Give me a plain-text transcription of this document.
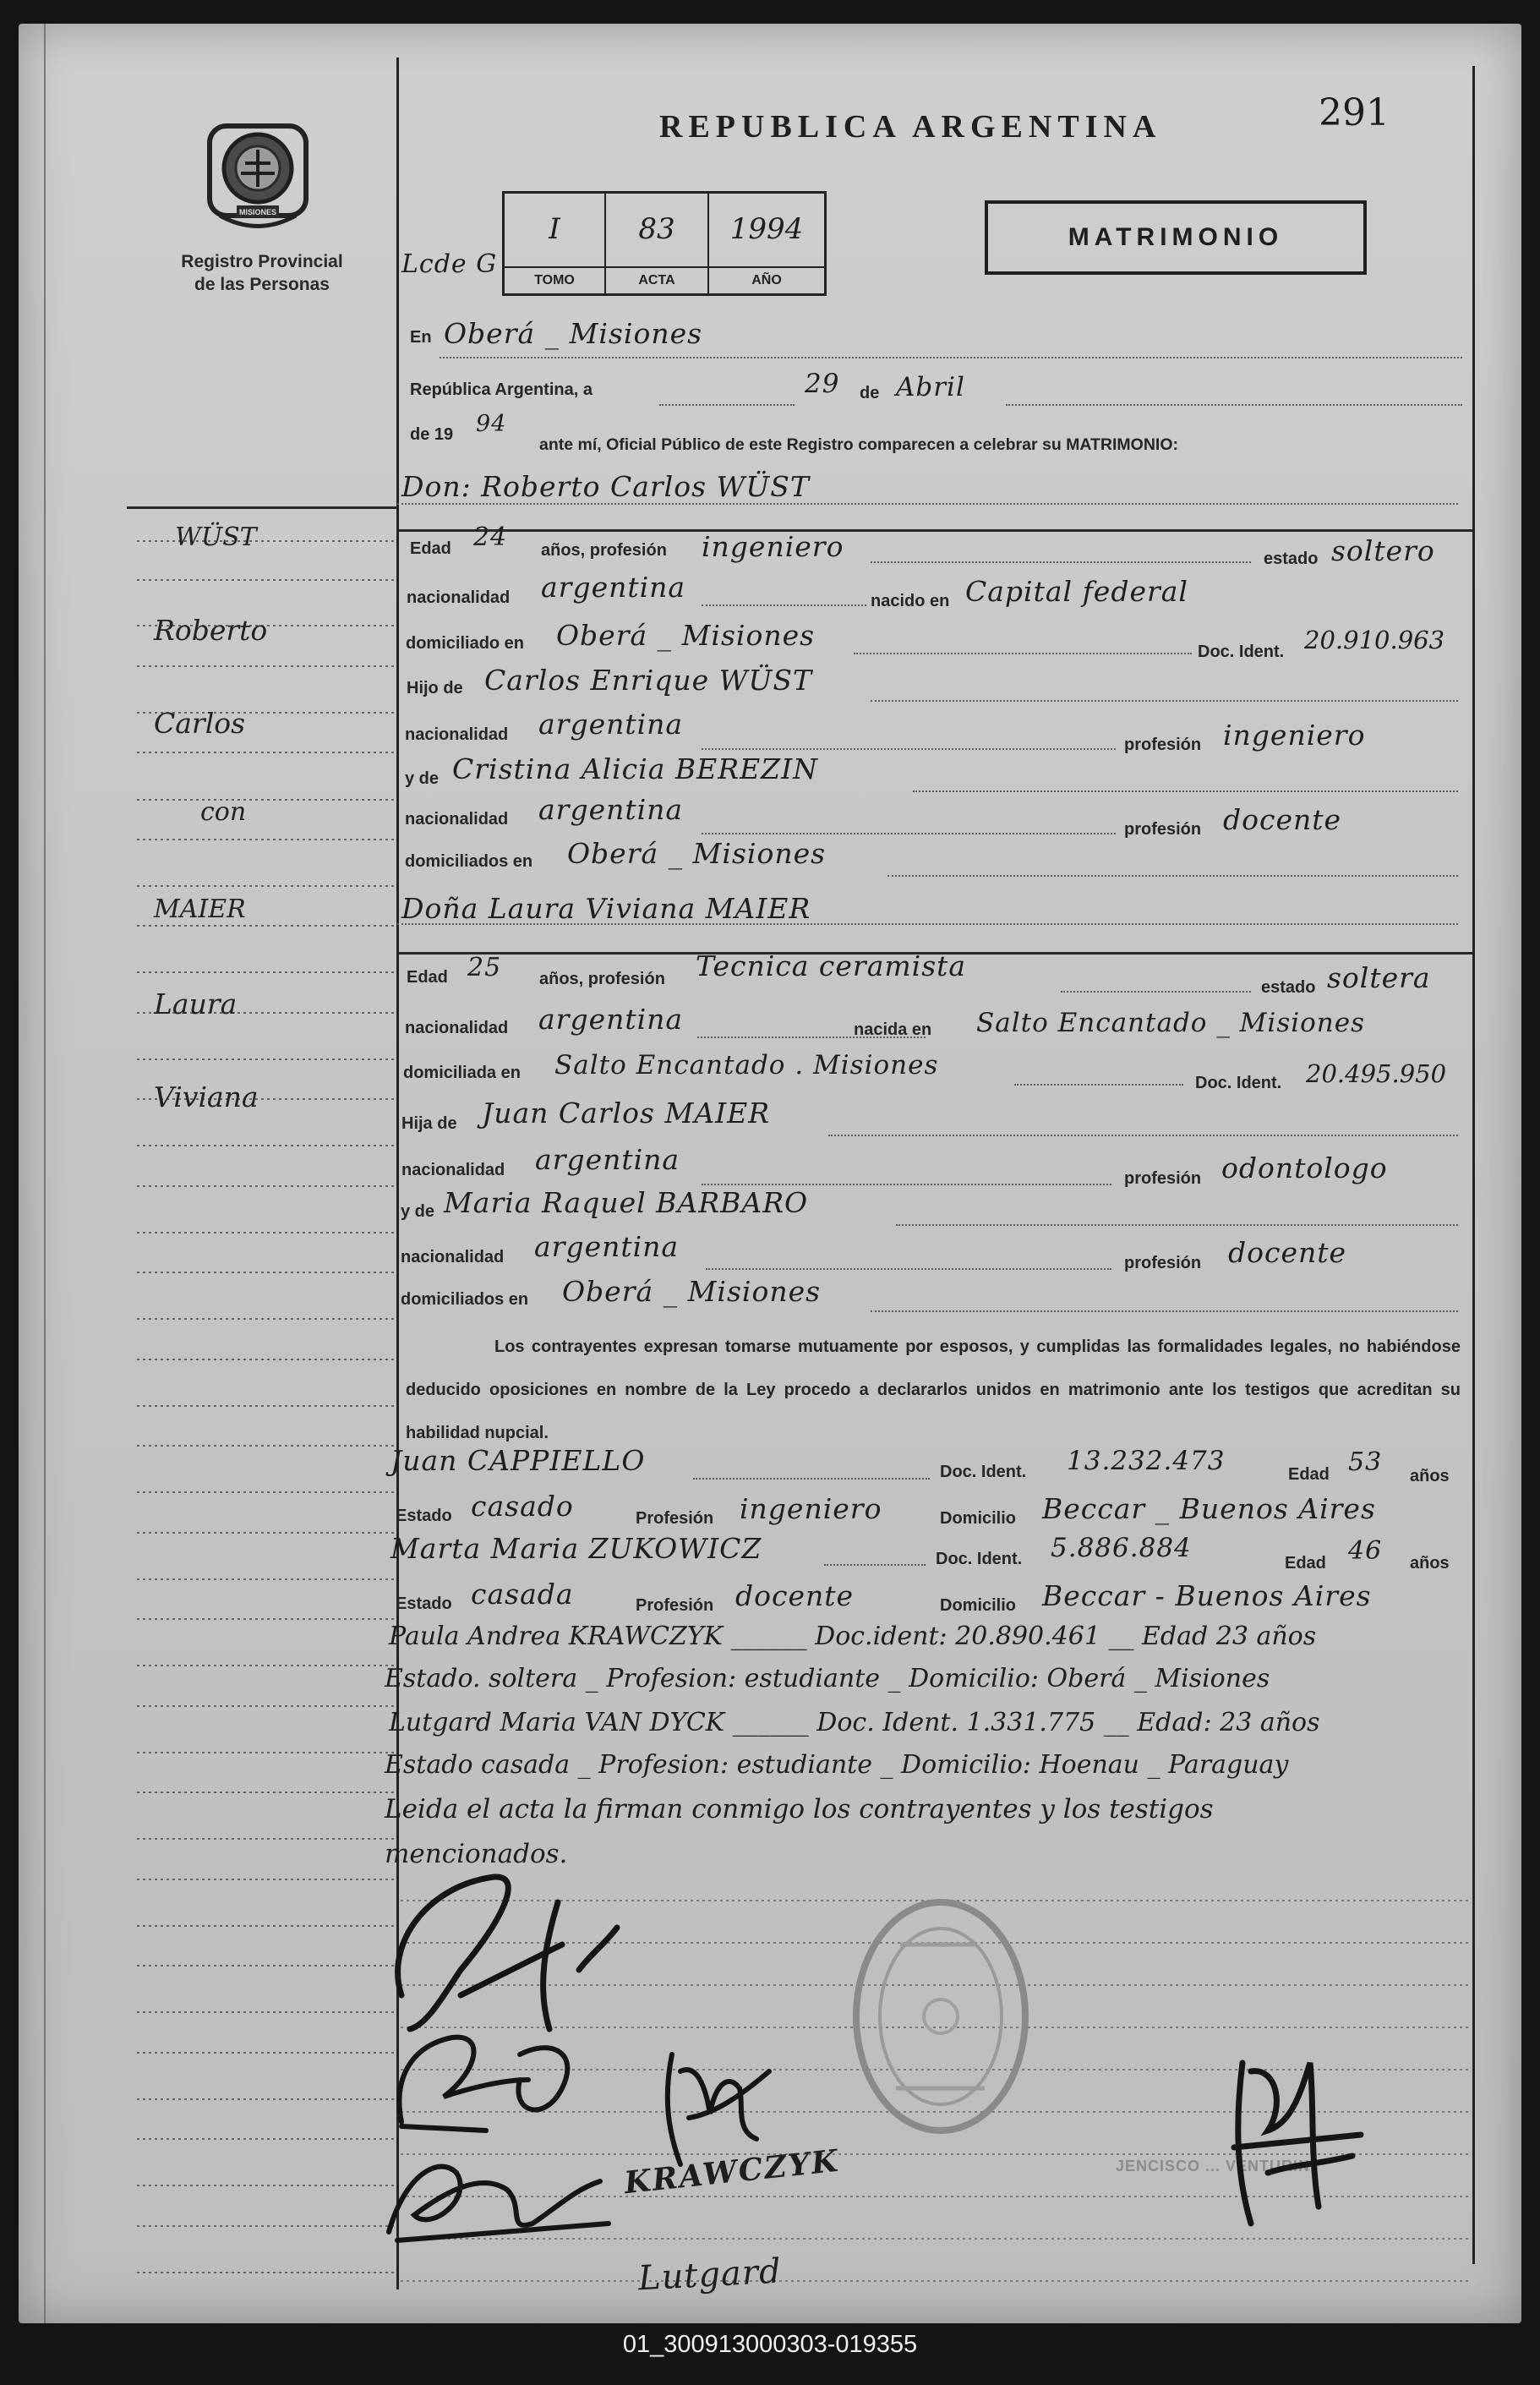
WÜST
Roberto
Carlos
con
MAIER
Laura
Viviana
MISIONES
Registro Provincial
de las Personas
REPUBLICA ARGENTINA	291
Lcde G
I
TOMO
83
ACTA
1994
AÑO
MATRIMONIO
En Oberá _ Misiones
República Argentina, a	29 de Abril
de 19 94
ante mí, Oficial Público de este Registro comparecen a celebrar su MATRIMONIO:
Don: Roberto Carlos WÜST
Edad 24 años, profesión ingeniero	estado soltero
nacionalidad argentina	nacido en Capital federal
domiciliado en Oberá _ Misiones	Doc. Ident. 20.910.963
Hijo de Carlos Enrique WÜST
nacionalidad argentina
profesión ingeniero
y de Cristina Alicia BEREZIN
nacionalidad argentina
profesión docente
domiciliados en Oberá _ Misiones
Doña Laura Viviana MAIER
Edad 25 años, profesión Tecnica ceramista
estado soltera
nacionalidad argentina	nacida en Salto Encantado _ Misiones
domiciliada en Salto Encantado . Misiones
Doc. Ident. 20.495.950
Hija de Juan Carlos MAIER
nacionalidad argentina
profesión odontologo
y de Maria Raquel BARBARO
nacionalidad argentina	profesión docente
domiciliados en Oberá _ Misiones
Los contrayentes expresan tomarse mutuamente por esposos, y cumplidas las formalidades legales, no habiéndose deducido oposiciones en nombre de la Ley procedo a declararlos unidos en matrimonio ante los testigos que acreditan su habilidad nupcial.
Juan CAPPIELLO	Doc. Ident. 13.232.473	Edad 53 años
Estado casado	Profesión ingeniero	Domicilio Beccar _ Buenos Aires
Marta Maria ZUKOWICZ	Doc. Ident. 5.886.884	Edad 46 años
Estado casada	Profesión docente	Domicilio Beccar - Buenos Aires
Paula Andrea KRAWCZYK ______ Doc.ident: 20.890.461 __ Edad 23 años
Estado. soltera _ Profesion: estudiante _ Domicilio: Oberá _ Misiones
Lutgard Maria VAN DYCK ______ Doc. Ident. 1.331.775 __ Edad: 23 años
Estado casada _ Profesion: estudiante _ Domicilio: Hoenau _ Paraguay
Leida el acta la firman conmigo los contrayentes y los testigos
mencionados.
JENCISCO ... VENTURINI
KRAWCZYK
Lutgard
01_300913000303-019355
